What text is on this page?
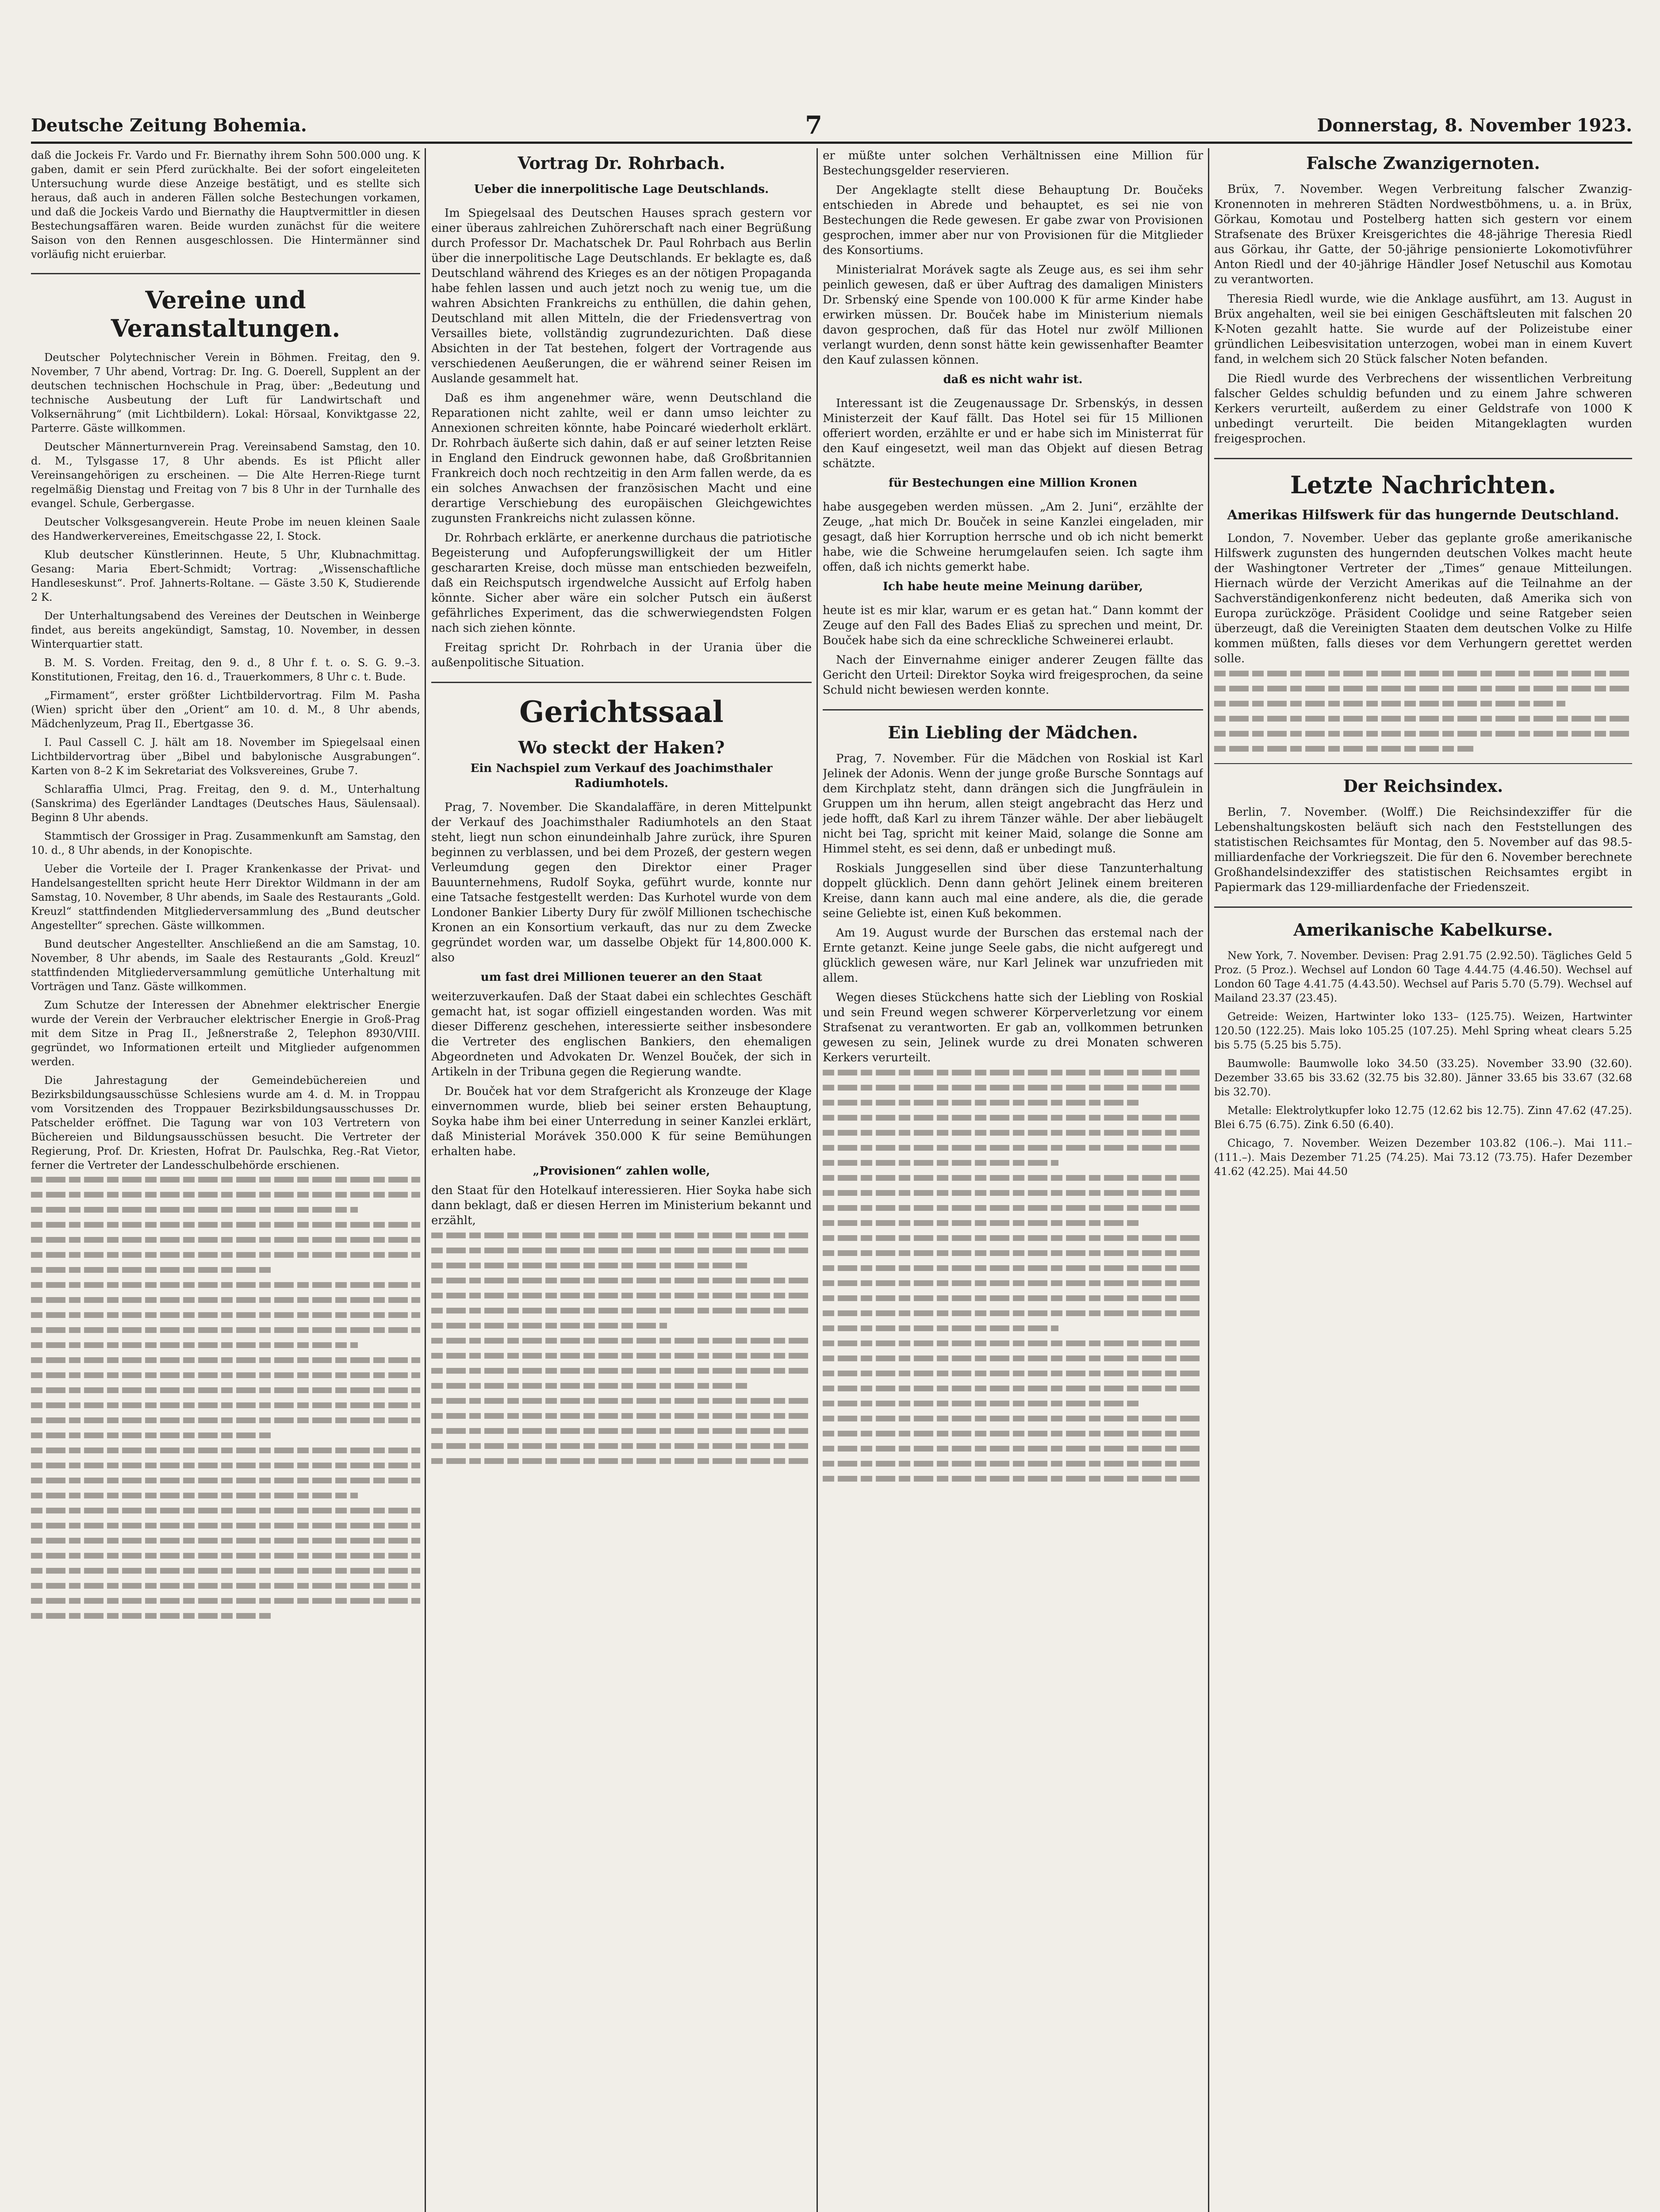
Deutsche Zeitung Bohemia.	7	Donnerstag, 8. November 1923.

daß die Jockeis Fr. Vardo und Fr. Biernathy ihrem Sohn 500.000 ung. K gaben, damit er sein Pferd zurückhalte. Bei der sofort eingeleiteten Untersuchung wurde diese Anzeige bestätigt, und es stellte sich heraus, daß auch in anderen Fällen solche Bestechungen vorkamen, und daß die Jockeis Vardo und Biernathy die Hauptvermittler in diesen Bestechungsaffären waren. Beide wurden zunächst für die weitere Saison von den Rennen ausgeschlossen. Die Hintermänner sind vorläufig nicht eruierbar.

Vereine und Veranstaltungen.

Deutscher Polytechnischer Verein in Böhmen. Freitag, den 9. November, 7 Uhr abend, Vortrag: Dr. Ing. G. Doerell, Supplent an der deutschen technischen Hochschule in Prag, über: „Bedeutung und technische Ausbeutung der Luft für Landwirtschaft und Volksernährung“ (mit Lichtbildern). Lokal: Hörsaal, Konviktgasse 22, Parterre. Gäste willkommen.

Deutscher Männerturnverein Prag. Vereinsabend Samstag, den 10. d. M., Tylsgasse 17, 8 Uhr abends. Es ist Pflicht aller Vereinsangehörigen zu erscheinen. — Die Alte Herren-Riege turnt regelmäßig Dienstag und Freitag von 7 bis 8 Uhr in der Turnhalle des evangel. Schule, Gerbergasse.

Deutscher Volksgesangverein. Heute Probe im neuen kleinen Saale des Handwerkervereines, Emeitschgasse 22, I. Stock.

Klub deutscher Künstlerinnen. Heute, 5 Uhr, Klubnachmittag. Gesang: Maria Ebert-Schmidt; Vortrag: „Wissenschaftliche Handleseskunst“. Prof. Jahnerts-Roltane. — Gäste 3.50 K, Studierende 2 K.

Der Unterhaltungsabend des Vereines der Deutschen in Weinberge findet, aus bereits angekündigt, Samstag, 10. November, in dessen Winterquartier statt.

B. M. S. Vorden. Freitag, den 9. d., 8 Uhr f. t. o. S. G. 9.–3. Konstitutionen, Freitag, den 16. d., Trauerkommers, 8 Uhr c. t. Bude.

„Firmament“, erster größter Lichtbildervortrag. Film M. Pasha (Wien) spricht über den „Orient“ am 10. d. M., 8 Uhr abends, Mädchenlyzeum, Prag II., Ebertgasse 36.

I. Paul Cassell C. J. hält am 18. November im Spiegelsaal einen Lichtbildervortrag über „Bibel und babylonische Ausgrabungen“. Karten von 8–2 K im Sekretariat des Volksvereines, Grube 7.

Schlaraffia Ulmci, Prag. Freitag, den 9. d. M., Unterhaltung (Sanskrima) des Egerländer Landtages (Deutsches Haus, Säulensaal). Beginn 8 Uhr abends.

Stammtisch der Grossiger in Prag. Zusammenkunft am Samstag, den 10. d., 8 Uhr abends, in der Konopischte.

Ueber die Vorteile der I. Prager Krankenkasse der Privat- und Handelsangestellten spricht heute Herr Direktor Wildmann in der am Samstag, 10. November, 8 Uhr abends, im Saale des Restaurants „Gold. Kreuzl“ stattfindenden Mitgliederversammlung des „Bund deutscher Angestellter“ sprechen. Gäste willkommen.

Bund deutscher Angestellter. Anschließend an die am Samstag, 10. November, 8 Uhr abends, im Saale des Restaurants „Gold. Kreuzl“ stattfindenden Mitgliederversammlung gemütliche Unterhaltung mit Vorträgen und Tanz. Gäste willkommen.

Zum Schutze der Interessen der Abnehmer elektrischer Energie wurde der Verein der Verbraucher elektrischer Energie in Groß-Prag mit dem Sitze in Prag II., Jeßnerstraße 2, Telephon 8930/VIII. gegründet, wo Informationen erteilt und Mitglieder aufgenommen werden.

Die Jahrestagung der Gemeindebüchereien und Bezirksbildungsausschüsse Schlesiens wurde am 4. d. M. in Troppau vom Vorsitzenden des Troppauer Bezirksbildungsausschusses Dr. Patschelder eröffnet. Die Tagung war von 103 Vertretern von Büchereien und Bildungsausschüssen besucht. Die Vertreter der Regierung, Prof. Dr. Kriesten, Hofrat Dr. Paulschka, Reg.-Rat Vietor, ferner die Vertreter der Landesschulbehörde erschienen.

Vortrag Dr. Rohrbach.
Ueber die innerpolitische Lage Deutschlands.

Im Spiegelsaal des Deutschen Hauses sprach gestern vor einer überaus zahlreichen Zuhörerschaft nach einer Begrüßung durch Professor Dr. Machatschek Dr. Paul Rohrbach aus Berlin über die innerpolitische Lage Deutschlands. Er beklagte es, daß Deutschland während des Krieges es an der nötigen Propaganda habe fehlen lassen und auch jetzt noch zu wenig tue, um die wahren Absichten Frankreichs zu enthüllen, die dahin gehen, Deutschland mit allen Mitteln, die der Friedensvertrag von Versailles biete, vollständig zugrundezurichten. Daß diese Absichten in der Tat bestehen, folgert der Vortragende aus verschiedenen Aeußerungen, die er während seiner Reisen im Auslande gesammelt hat.

Daß es ihm angenehmer wäre, wenn Deutschland die Reparationen nicht zahlte, weil er dann umso leichter zu Annexionen schreiten könnte, habe Poincaré wiederholt erklärt. Dr. Rohrbach äußerte sich dahin, daß er auf seiner letzten Reise in England den Eindruck gewonnen habe, daß Großbritannien Frankreich doch noch rechtzeitig in den Arm fallen werde, da es ein solches Anwachsen der französischen Macht und eine derartige Verschiebung des europäischen Gleichgewichtes zugunsten Frankreichs nicht zulassen könne.

Dr. Rohrbach erklärte, er anerkenne durchaus die patriotische Begeisterung und Aufopferungswilligkeit der um Hitler geschararten Kreise, doch müsse man entschieden bezweifeln, daß ein Reichsputsch irgendwelche Aussicht auf Erfolg haben könnte. Sicher aber wäre ein solcher Putsch ein äußerst gefährliches Experiment, das die schwerwiegendsten Folgen nach sich ziehen könnte.

Freitag spricht Dr. Rohrbach in der Urania über die außenpolitische Situation.

Gerichtssaal
Wo steckt der Haken?
Ein Nachspiel zum Verkauf des Joachimsthaler Radiumhotels.

Prag, 7. November. Die Skandalaffäre, in deren Mittelpunkt der Verkauf des Joachimsthaler Radiumhotels an den Staat steht, liegt nun schon einundeinhalb Jahre zurück, ihre Spuren beginnen zu verblassen, und bei dem Prozeß, der gestern wegen Verleumdung gegen den Direktor einer Prager Bauunternehmens, Rudolf Soyka, geführt wurde, konnte nur eine Tatsache festgestellt werden: Das Kurhotel wurde von dem Londoner Bankier Liberty Dury für zwölf Millionen tschechische Kronen an ein Konsortium verkauft, das nur zu dem Zwecke gegründet worden war, um dasselbe Objekt für 14,800.000 K. also

um fast drei Millionen teuerer an den Staat

weiterzuverkaufen. Daß der Staat dabei ein schlechtes Geschäft gemacht hat, ist sogar offiziell eingestanden worden. Was mit dieser Differenz geschehen, interessierte seither insbesondere die Vertreter des englischen Bankiers, den ehemaligen Abgeordneten und Advokaten Dr. Wenzel Bouček, der sich in Artikeln in der Tribuna gegen die Regierung wandte.

Dr. Bouček hat vor dem Strafgericht als Kronzeuge der Klage einvernommen wurde, blieb bei seiner ersten Behauptung, Soyka habe ihm bei einer Unterredung in seiner Kanzlei erklärt, daß Ministerial Morávek 350.000 K für seine Bemühungen erhalten habe.

„Provisionen“ zahlen wolle,

den Staat für den Hotelkauf interessieren. Hier Soyka habe sich dann beklagt, daß er diesen Herren im Ministerium bekannt und erzählt,

er müßte unter solchen Verhältnissen eine Million für Bestechungsgelder reservieren.

Der Angeklagte stellt diese Behauptung Dr. Boučeks entschieden in Abrede und behauptet, es sei nie von Bestechungen die Rede gewesen. Er gabe zwar von Provisionen gesprochen, immer aber nur von Provisionen für die Mitglieder des Konsortiums.

Ministerialrat Morávek sagte als Zeuge aus, es sei ihm sehr peinlich gewesen, daß er über Auftrag des damaligen Ministers Dr. Srbenský eine Spende von 100.000 K für arme Kinder habe erwirken müssen. Dr. Bouček habe im Ministerium niemals davon gesprochen, daß für das Hotel nur zwölf Millionen verlangt wurden, denn sonst hätte kein gewissenhafter Beamter den Kauf zulassen können.

daß es nicht wahr ist.

Interessant ist die Zeugenaussage Dr. Srbenskýs, in dessen Ministerzeit der Kauf fällt. Das Hotel sei für 15 Millionen offeriert worden, erzählte er und er habe sich im Ministerrat für den Kauf eingesetzt, weil man das Objekt auf diesen Betrag schätzte.

für Bestechungen eine Million Kronen

habe ausgegeben werden müssen. „Am 2. Juni“, erzählte der Zeuge, „hat mich Dr. Bouček in seine Kanzlei eingeladen, mir gesagt, daß hier Korruption herrsche und ob ich nicht bemerkt habe, wie die Schweine herumgelaufen seien. Ich sagte ihm offen, daß ich nichts gemerkt habe.

Ich habe heute meine Meinung darüber,

heute ist es mir klar, warum er es getan hat.“ Dann kommt der Zeuge auf den Fall des Bades Eliaš zu sprechen und meint, Dr. Bouček habe sich da eine schreckliche Schweinerei erlaubt.

Nach der Einvernahme einiger anderer Zeugen fällte das Gericht den Urteil: Direktor Soyka wird freigesprochen, da seine Schuld nicht bewiesen werden konnte.

Ein Liebling der Mädchen.

Prag, 7. November. Für die Mädchen von Roskial ist Karl Jelinek der Adonis. Wenn der junge große Bursche Sonntags auf dem Kirchplatz steht, dann drängen sich die Jungfräulein in Gruppen um ihn herum, allen steigt angebracht das Herz und jede hofft, daß Karl zu ihrem Tänzer wähle. Der aber liebäugelt nicht bei Tag, spricht mit keiner Maid, solange die Sonne am Himmel steht, es sei denn, daß er unbedingt muß.

Roskials Junggesellen sind über diese Tanzunterhaltung doppelt glücklich. Denn dann gehört Jelinek einem breiteren Kreise, dann kann auch mal eine andere, als die, die gerade seine Geliebte ist, einen Kuß bekommen.

Am 19. August wurde der Burschen das erstemal nach der Ernte getanzt. Keine junge Seele gabs, die nicht aufgeregt und glücklich gewesen wäre, nur Karl Jelinek war unzufrieden mit allem.

Wegen dieses Stückchens hatte sich der Liebling von Roskial und sein Freund wegen schwerer Körperverletzung vor einem Strafsenat zu verantworten. Er gab an, vollkommen betrunken gewesen zu sein, Jelinek wurde zu drei Monaten schweren Kerkers verurteilt.

Falsche Zwanzigernoten.

Brüx, 7. November. Wegen Verbreitung falscher Zwanzig-Kronennoten in mehreren Städten Nordwestböhmens, u. a. in Brüx, Görkau, Komotau und Postelberg hatten sich gestern vor einem Strafsenate des Brüxer Kreisgerichtes die 48-jährige Theresia Riedl aus Görkau, ihr Gatte, der 50-jährige pensionierte Lokomotivführer Anton Riedl und der 40-jährige Händler Josef Netuschil aus Komotau zu verantworten.

Theresia Riedl wurde, wie die Anklage ausführt, am 13. August in Brüx angehalten, weil sie bei einigen Geschäftsleuten mit falschen 20 K-Noten gezahlt hatte. Sie wurde auf der Polizeistube einer gründlichen Leibesvisitation unterzogen, wobei man in einem Kuvert fand, in welchem sich 20 Stück falscher Noten befanden.

Die Riedl wurde des Verbrechens der wissentlichen Verbreitung falscher Geldes schuldig befunden und zu einem Jahre schweren Kerkers verurteilt, außerdem zu einer Geldstrafe von 1000 K unbedingt verurteilt. Die beiden Mitangeklagten wurden freigesprochen.

Letzte Nachrichten.
Amerikas Hilfswerk für das hungernde Deutschland.

London, 7. November. Ueber das geplante große amerikanische Hilfswerk zugunsten des hungernden deutschen Volkes macht heute der Washingtoner Vertreter der „Times“ genaue Mitteilungen. Hiernach würde der Verzicht Amerikas auf die Teilnahme an der Sachverständigenkonferenz nicht bedeuten, daß Amerika sich von Europa zurückzöge. Präsident Coolidge und seine Ratgeber seien überzeugt, daß die Vereinigten Staaten dem deutschen Volke zu Hilfe kommen müßten, falls dieses vor dem Verhungern gerettet werden solle.

Der Reichsindex.

Berlin, 7. November. (Wolff.) Die Reichsindexziffer für die Lebenshaltungskosten beläuft sich nach den Feststellungen des statistischen Reichsamtes für Montag, den 5. November auf das 98.5-milliardenfache der Vorkriegszeit. Die für den 6. November berechnete Großhandelsindexziffer des statistischen Reichsamtes ergibt in Papiermark das 129-milliardenfache der Friedenszeit.

Amerikanische Kabelkurse.

New York, 7. November. Devisen: Prag 2.91.75 (2.92.50). Tägliches Geld 5 Proz. (5 Proz.). Wechsel auf London 60 Tage 4.44.75 (4.46.50). Wechsel auf London 60 Tage 4.41.75 (4.43.50). Wechsel auf Paris 5.70 (5.79). Wechsel auf Mailand 23.37 (23.45).

Getreide: Weizen, Hartwinter loko 133– (125.75). Weizen, Hartwinter 120.50 (122.25). Mais loko 105.25 (107.25). Mehl Spring wheat clears 5.25 bis 5.75 (5.25 bis 5.75).

Baumwolle: Baumwolle loko 34.50 (33.25). November 33.90 (32.60). Dezember 33.65 bis 33.62 (32.75 bis 32.80). Jänner 33.65 bis 33.67 (32.68 bis 32.70).

Metalle: Elektrolytkupfer loko 12.75 (12.62 bis 12.75). Zinn 47.62 (47.25). Blei 6.75 (6.75). Zink 6.50 (6.40).

Chicago, 7. November. Weizen Dezember 103.82 (106.–). Mai 111.– (111.–). Mais Dezember 71.25 (74.25). Mai 73.12 (73.75). Hafer Dezember 41.62 (42.25). Mai 44.50
